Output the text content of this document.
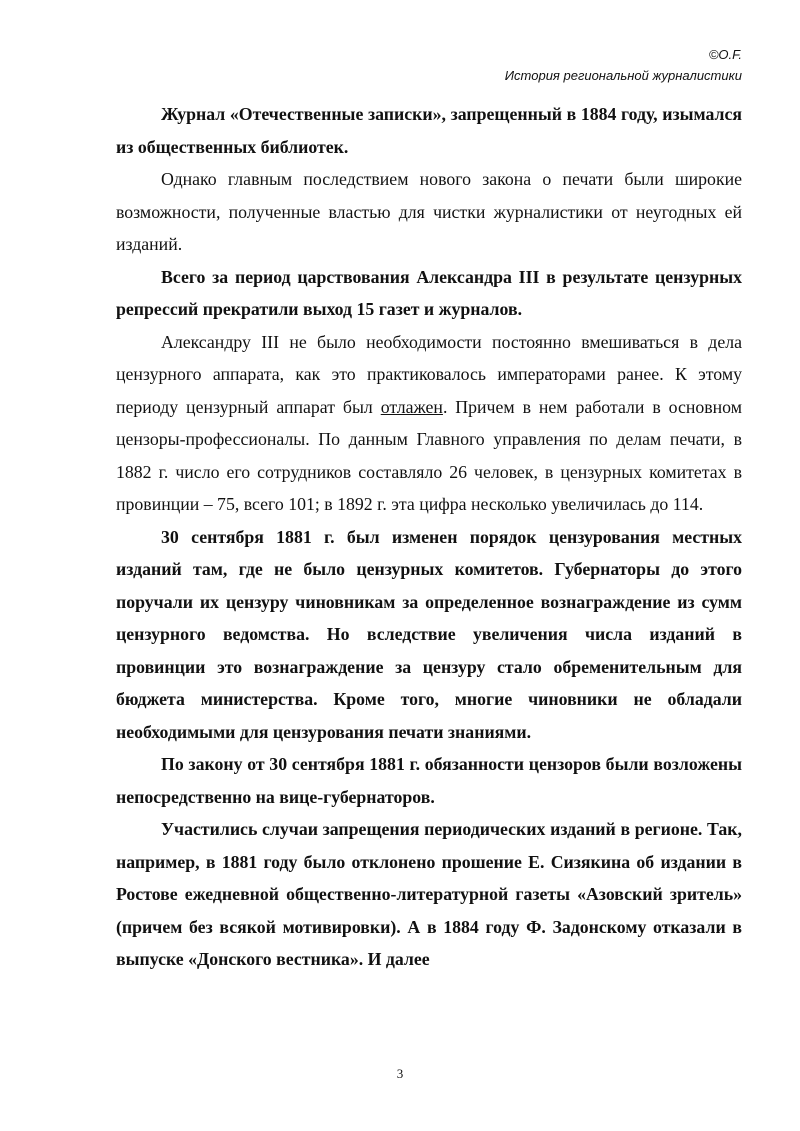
©O.F.
История региональной журналистики

Журнал «Отечественные записки», запрещенный в 1884 году, изымался из общественных библиотек.

Однако главным последствием нового закона о печати были широкие возможности, полученные властью для чистки журналистики от неугодных ей изданий.

Всего за период царствования Александра III в результате цензурных репрессий прекратили выход 15 газет и журналов.

Александру III не было необходимости постоянно вмешиваться в дела цензурного аппарата, как это практиковалось императорами ранее. К этому периоду цензурный аппарат был отлажен. Причем в нем работали в основном цензоры-профессионалы. По данным Главного управления по делам печати, в 1882 г. число его сотрудников составляло 26 человек, в цензурных комитетах в провинции – 75, всего 101; в 1892 г. эта цифра несколько увеличилась до 114.

30 сентября 1881 г. был изменен порядок цензурования местных изданий там, где не было цензурных комитетов. Губернаторы до этого поручали их цензуру чиновникам за определенное вознаграждение из сумм цензурного ведомства. Но вследствие увеличения числа изданий в провинции это вознаграждение за цензуру стало обременительным для бюджета министерства. Кроме того, многие чиновники не обладали необходимыми для цензурования печати знаниями.

По закону от 30 сентября 1881 г. обязанности цензоров были возложены непосредственно на вице-губернаторов.

Участились случаи запрещения периодических изданий в регионе. Так, например, в 1881 году было отклонено прошение Е. Сизякина об издании в Ростове ежедневной общественно-литературной газеты «Азовский зритель» (причем без всякой мотивировки). А в 1884 году Ф. Задонскому отказали в выпуске «Донского вестника». И далее

3
